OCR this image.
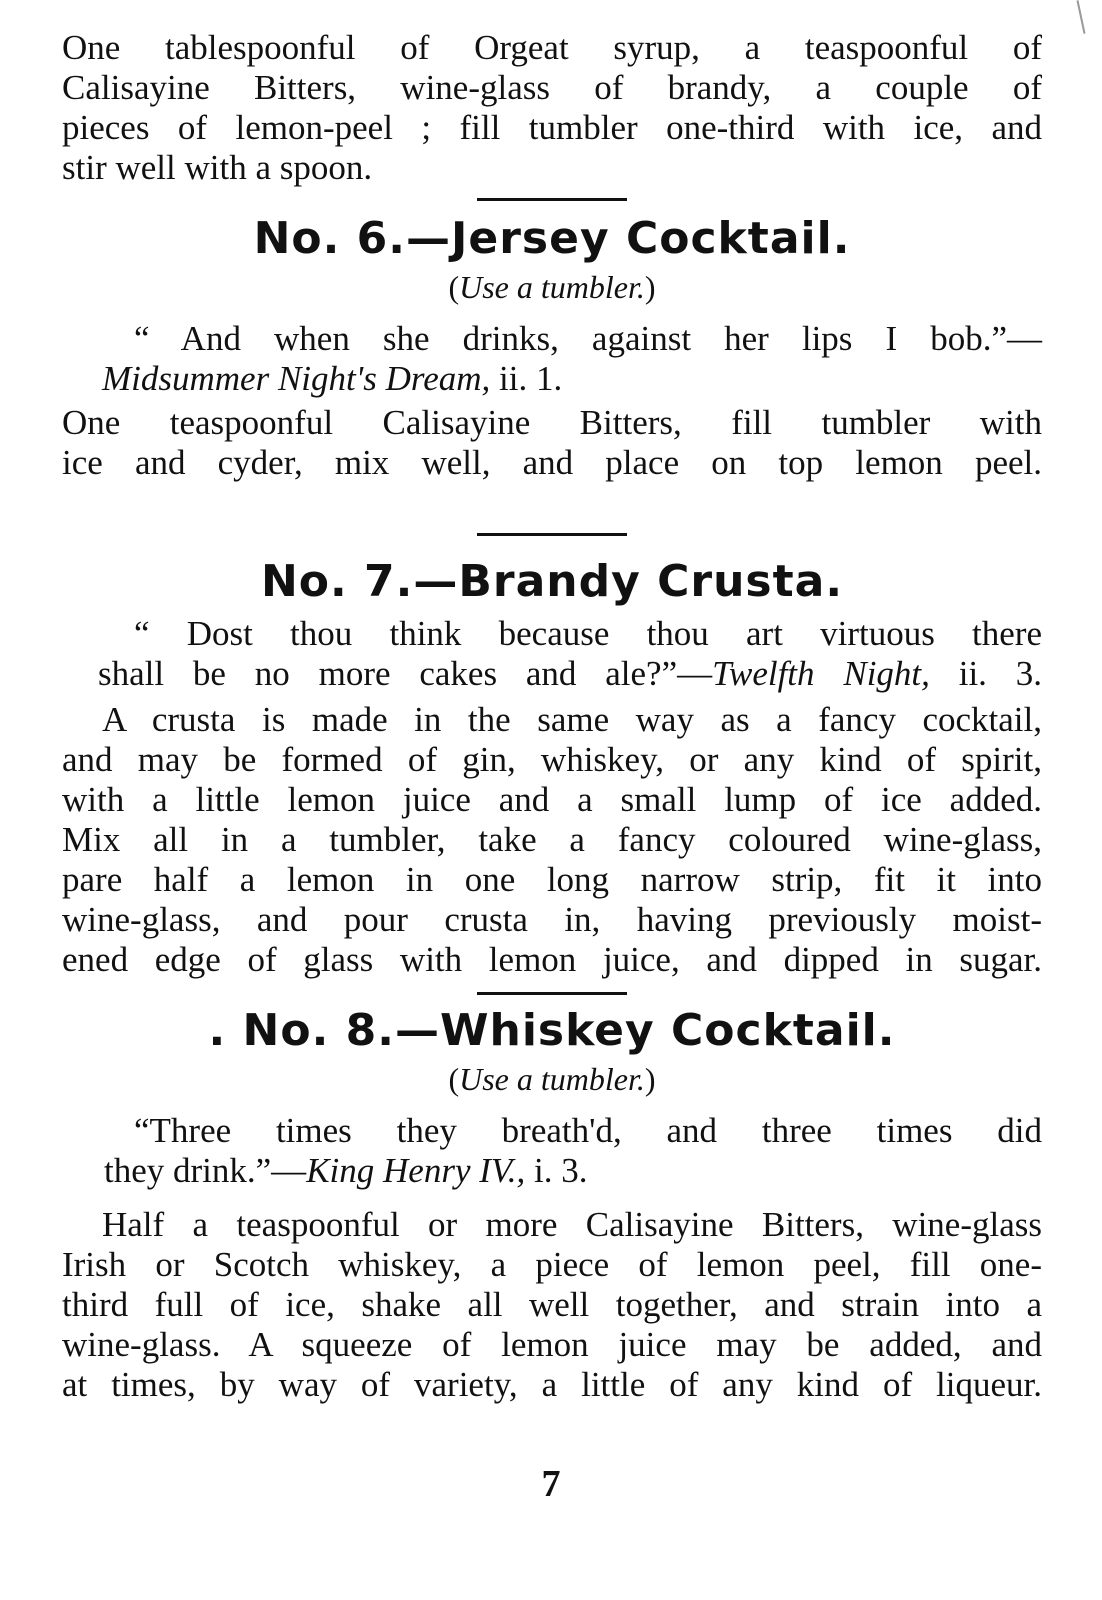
One tablespoonful of Orgeat syrup, a teaspoonful of
Calisayine Bitters, wine-glass of brandy, a couple of
pieces of lemon-peel ; fill tumbler one-third with ice, and
stir well with a spoon.
No. 6.—Jersey Cocktail.

(Use a tumbler.)

“ And when she drinks, against her lips I bob.”—
Midsummer Night's Dream, ii. 1.
One teaspoonful Calisayine Bitters, fill tumbler with
ice and cyder, mix well, and place on top lemon peel.
No. 7.—Brandy Crusta.
“ Dost thou think because thou art virtuous there
shall be no more cakes and ale?”—Twelfth Night, ii. 3.
A crusta is made in the same way as a fancy cocktail,
and may be formed of gin, whiskey, or any kind of spirit,
with a little lemon juice and a small lump of ice added.
Mix all in a tumbler, take a fancy coloured wine-glass,
pare half a lemon in one long narrow strip, fit it into
wine-glass, and pour crusta in, having previously moist-
ened edge of glass with lemon juice, and dipped in sugar.
. No. 8.—Whiskey Cocktail.

(Use a tumbler.)

“Three times they breath'd, and three times did
they drink.”—King Henry IV., i. 3.
Half a teaspoonful or more Calisayine Bitters, wine-glass
Irish or Scotch whiskey, a piece of lemon peel, fill one-
third full of ice, shake all well together, and strain into a
wine-glass. A squeeze of lemon juice may be added, and
at times, by way of variety, a little of any kind of liqueur.
7
